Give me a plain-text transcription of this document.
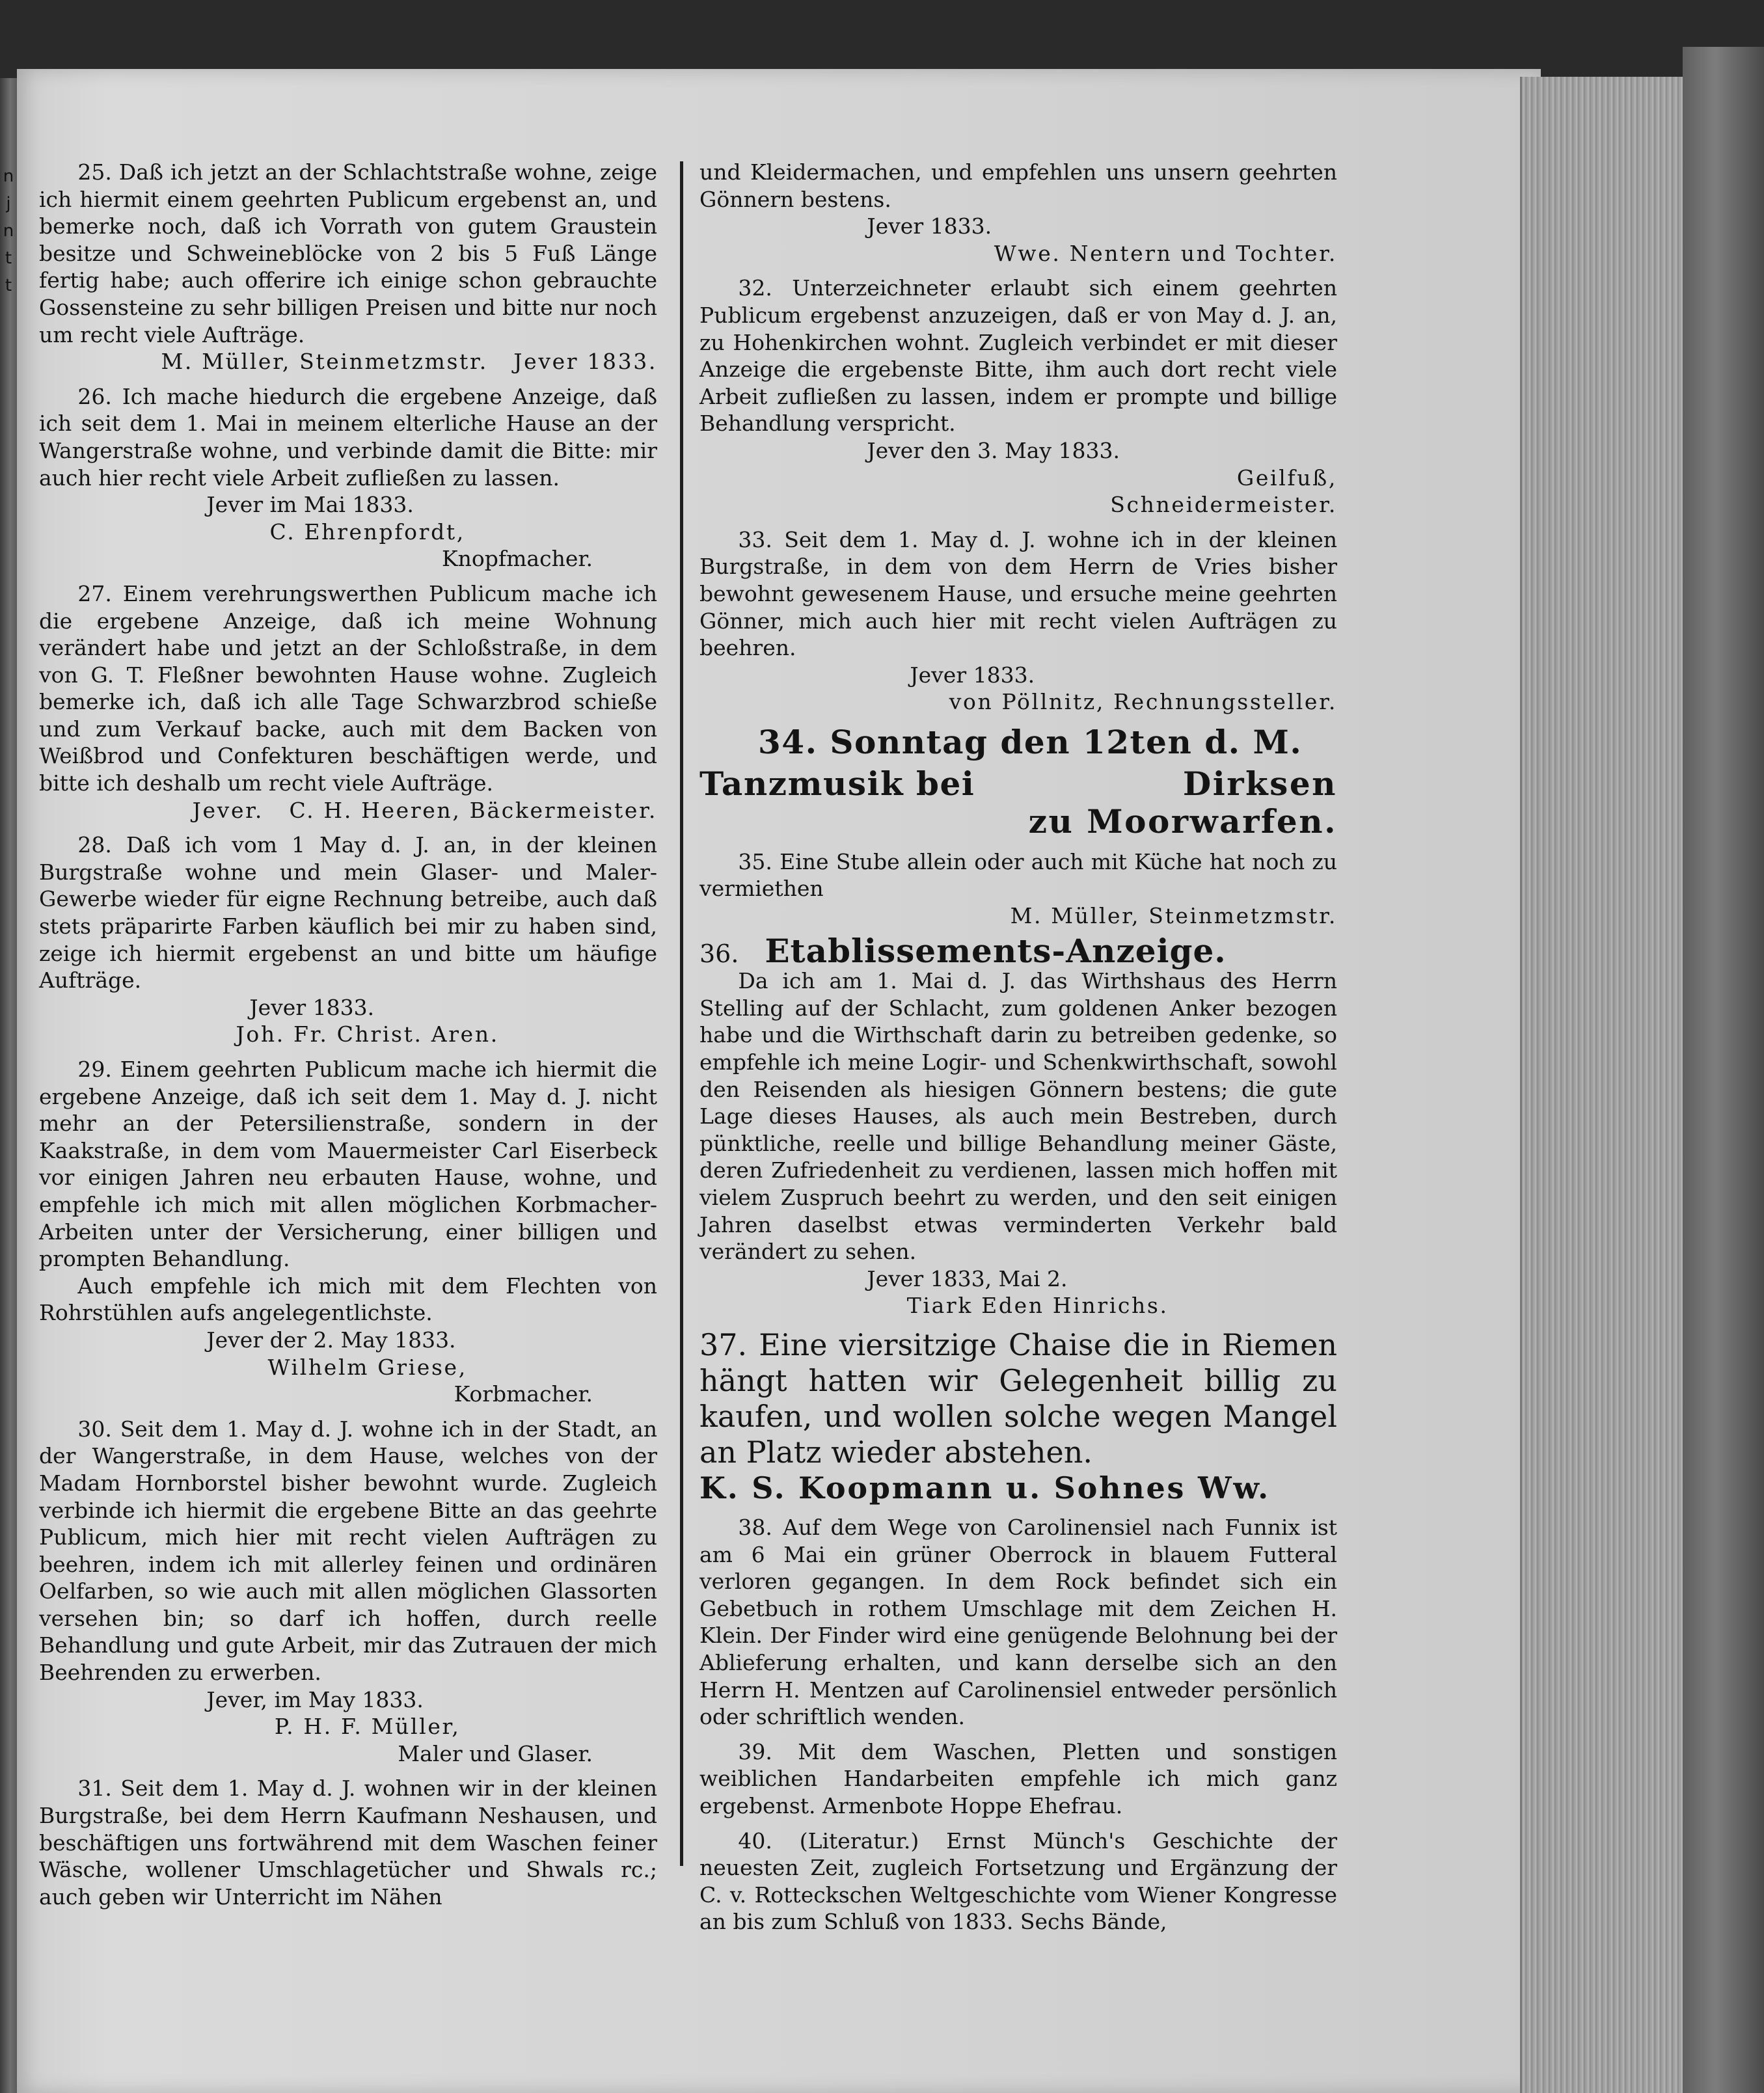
n
j
n
t
t

25. Daß ich jetzt an der Schlachtstraße wohne, zeige ich hiermit einem geehrten Publicum ergebenst an, und bemerke noch, daß ich Vorrath von gutem Graustein besitze und Schweineblöcke von 2 bis 5 Fuß Länge fertig habe; auch offerire ich einige schon gebrauchte Gossensteine zu sehr billigen Preisen und bitte nur noch um recht viele Aufträge.

M. Müller, Steinmetzmstr. Jever 1833.

26. Ich mache hiedurch die ergebene Anzeige, daß ich seit dem 1. Mai in meinem elterliche Hause an der Wangerstraße wohne, und verbinde damit die Bitte: mir auch hier recht viele Arbeit zufließen zu lassen.

Jever im Mai 1833.

C. Ehrenpfordt,

Knopfmacher.

27. Einem verehrungswerthen Publicum mache ich die ergebene Anzeige, daß ich meine Wohnung verändert habe und jetzt an der Schloßstraße, in dem von G. T. Fleßner bewohnten Hause wohne. Zugleich bemerke ich, daß ich alle Tage Schwarzbrod schieße und zum Verkauf backe, auch mit dem Backen von Weißbrod und Confekturen beschäftigen werde, und bitte ich deshalb um recht viele Aufträge.

Jever. C. H. Heeren, Bäckermeister.

28. Daß ich vom 1 May d. J. an, in der kleinen Burgstraße wohne und mein Glaser- und Maler-Gewerbe wieder für eigne Rechnung betreibe, auch daß stets präparirte Farben käuflich bei mir zu haben sind, zeige ich hiermit ergebenst an und bitte um häufige Aufträge.

Jever 1833.

Joh. Fr. Christ. Aren.

29. Einem geehrten Publicum mache ich hiermit die ergebene Anzeige, daß ich seit dem 1. May d. J. nicht mehr an der Petersilienstraße, sondern in der Kaakstraße, in dem vom Mauermeister Carl Eiserbeck vor einigen Jahren neu erbauten Hause, wohne, und empfehle ich mich mit allen möglichen Korbmacher-Arbeiten unter der Versicherung, einer billigen und prompten Behandlung.

Auch empfehle ich mich mit dem Flechten von Rohrstühlen aufs angelegentlichste.

Jever der 2. May 1833.

Wilhelm Griese,

Korbmacher.

30. Seit dem 1. May d. J. wohne ich in der Stadt, an der Wangerstraße, in dem Hause, welches von der Madam Hornborstel bisher bewohnt wurde. Zugleich verbinde ich hiermit die ergebene Bitte an das geehrte Publicum, mich hier mit recht vielen Aufträgen zu beehren, indem ich mit allerley feinen und ordinären Oelfarben, so wie auch mit allen möglichen Glassorten versehen bin; so darf ich hoffen, durch reelle Behandlung und gute Arbeit, mir das Zutrauen der mich Beehrenden zu erwerben.

Jever, im May 1833.

P. H. F. Müller,

Maler und Glaser.

31. Seit dem 1. May d. J. wohnen wir in der kleinen Burgstraße, bei dem Herrn Kaufmann Neshausen, und beschäftigen uns fortwährend mit dem Waschen feiner Wäsche, wollener Umschlagetücher und Shwals rc.; auch geben wir Unterricht im Nähen

und Kleidermachen, und empfehlen uns unsern geehrten Gönnern bestens.

Jever 1833.

Wwe. Nentern und Tochter.

32. Unterzeichneter erlaubt sich einem geehrten Publicum ergebenst anzuzeigen, daß er von May d. J. an, zu Hohenkirchen wohnt. Zugleich verbindet er mit dieser Anzeige die ergebenste Bitte, ihm auch dort recht viele Arbeit zufließen zu lassen, indem er prompte und billige Behandlung verspricht.

Jever den 3. May 1833.

Geilfuß,

Schneidermeister.

33. Seit dem 1. May d. J. wohne ich in der kleinen Burgstraße, in dem von dem Herrn de Vries bisher bewohnt gewesenem Hause, und ersuche meine geehrten Gönner, mich auch hier mit recht vielen Aufträgen zu beehren.

Jever 1833.

von Pöllnitz, Rechnungssteller.

34. Sonntag den 12ten d. M.

Tanzmusik bei	Dirksen

zu Moorwarfen.

35. Eine Stube allein oder auch mit Küche hat noch zu vermiethen

M. Müller, Steinmetzmstr.

36. Etablissements-Anzeige.

Da ich am 1. Mai d. J. das Wirthshaus des Herrn Stelling auf der Schlacht, zum goldenen Anker bezogen habe und die Wirthschaft darin zu betreiben gedenke, so empfehle ich meine Logir- und Schenkwirthschaft, sowohl den Reisenden als hiesigen Gönnern bestens; die gute Lage dieses Hauses, als auch mein Bestreben, durch pünktliche, reelle und billige Behandlung meiner Gäste, deren Zufriedenheit zu verdienen, lassen mich hoffen mit vielem Zuspruch beehrt zu werden, und den seit einigen Jahren daselbst etwas verminderten Verkehr bald verändert zu sehen.

Jever 1833, Mai 2.

Tiark Eden Hinrichs.

37. Eine viersitzige Chaise die in Riemen hängt hatten wir Gelegenheit billig zu kaufen, und wollen solche wegen Mangel an Platz wieder abstehen.

K. S. Koopmann u. Sohnes Ww.

38. Auf dem Wege von Carolinensiel nach Funnix ist am 6 Mai ein grüner Oberrock in blauem Futteral verloren gegangen. In dem Rock befindet sich ein Gebetbuch in rothem Umschlage mit dem Zeichen H. Klein. Der Finder wird eine genügende Belohnung bei der Ablieferung erhalten, und kann derselbe sich an den Herrn H. Mentzen auf Carolinensiel entweder persönlich oder schriftlich wenden.

39. Mit dem Waschen, Pletten und sonstigen weiblichen Handarbeiten empfehle ich mich ganz ergebenst. Armenbote Hoppe Ehefrau.

40. (Literatur.) Ernst Münch's Geschichte der neuesten Zeit, zugleich Fortsetzung und Ergänzung der C. v. Rotteckschen Weltgeschichte vom Wiener Kongresse an bis zum Schluß von 1833. Sechs Bände,
